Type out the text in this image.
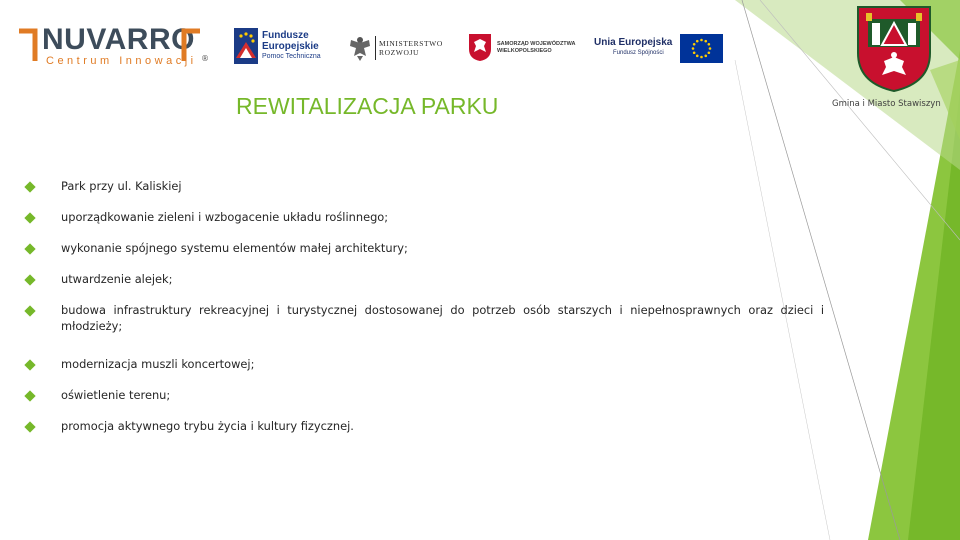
NUVARRO
Centrum Innowacji ®
Fundusze
Europejskie
Pomoc Techniczna
MINISTERSTWO
ROZWOJU
SAMORZĄD WOJEWÓDZTWA
WIELKOPOLSKIEGO
Unia Europejska
Fundusz Spójności
Gmina i Miasto Stawiszyn
REWITALIZACJA PARKU
Park przy ul. Kaliskiej
uporządkowanie zieleni i wzbogacenie układu roślinnego;
wykonanie spójnego systemu elementów małej architektury;
utwardzenie alejek;
budowa infrastruktury rekreacyjnej i turystycznej dostosowanej do potrzeb osób starszych i niepełnosprawnych oraz dzieci i młodzieży;
modernizacja muszli koncertowej;
oświetlenie terenu;
promocja aktywnego trybu życia i kultury fizycznej.
